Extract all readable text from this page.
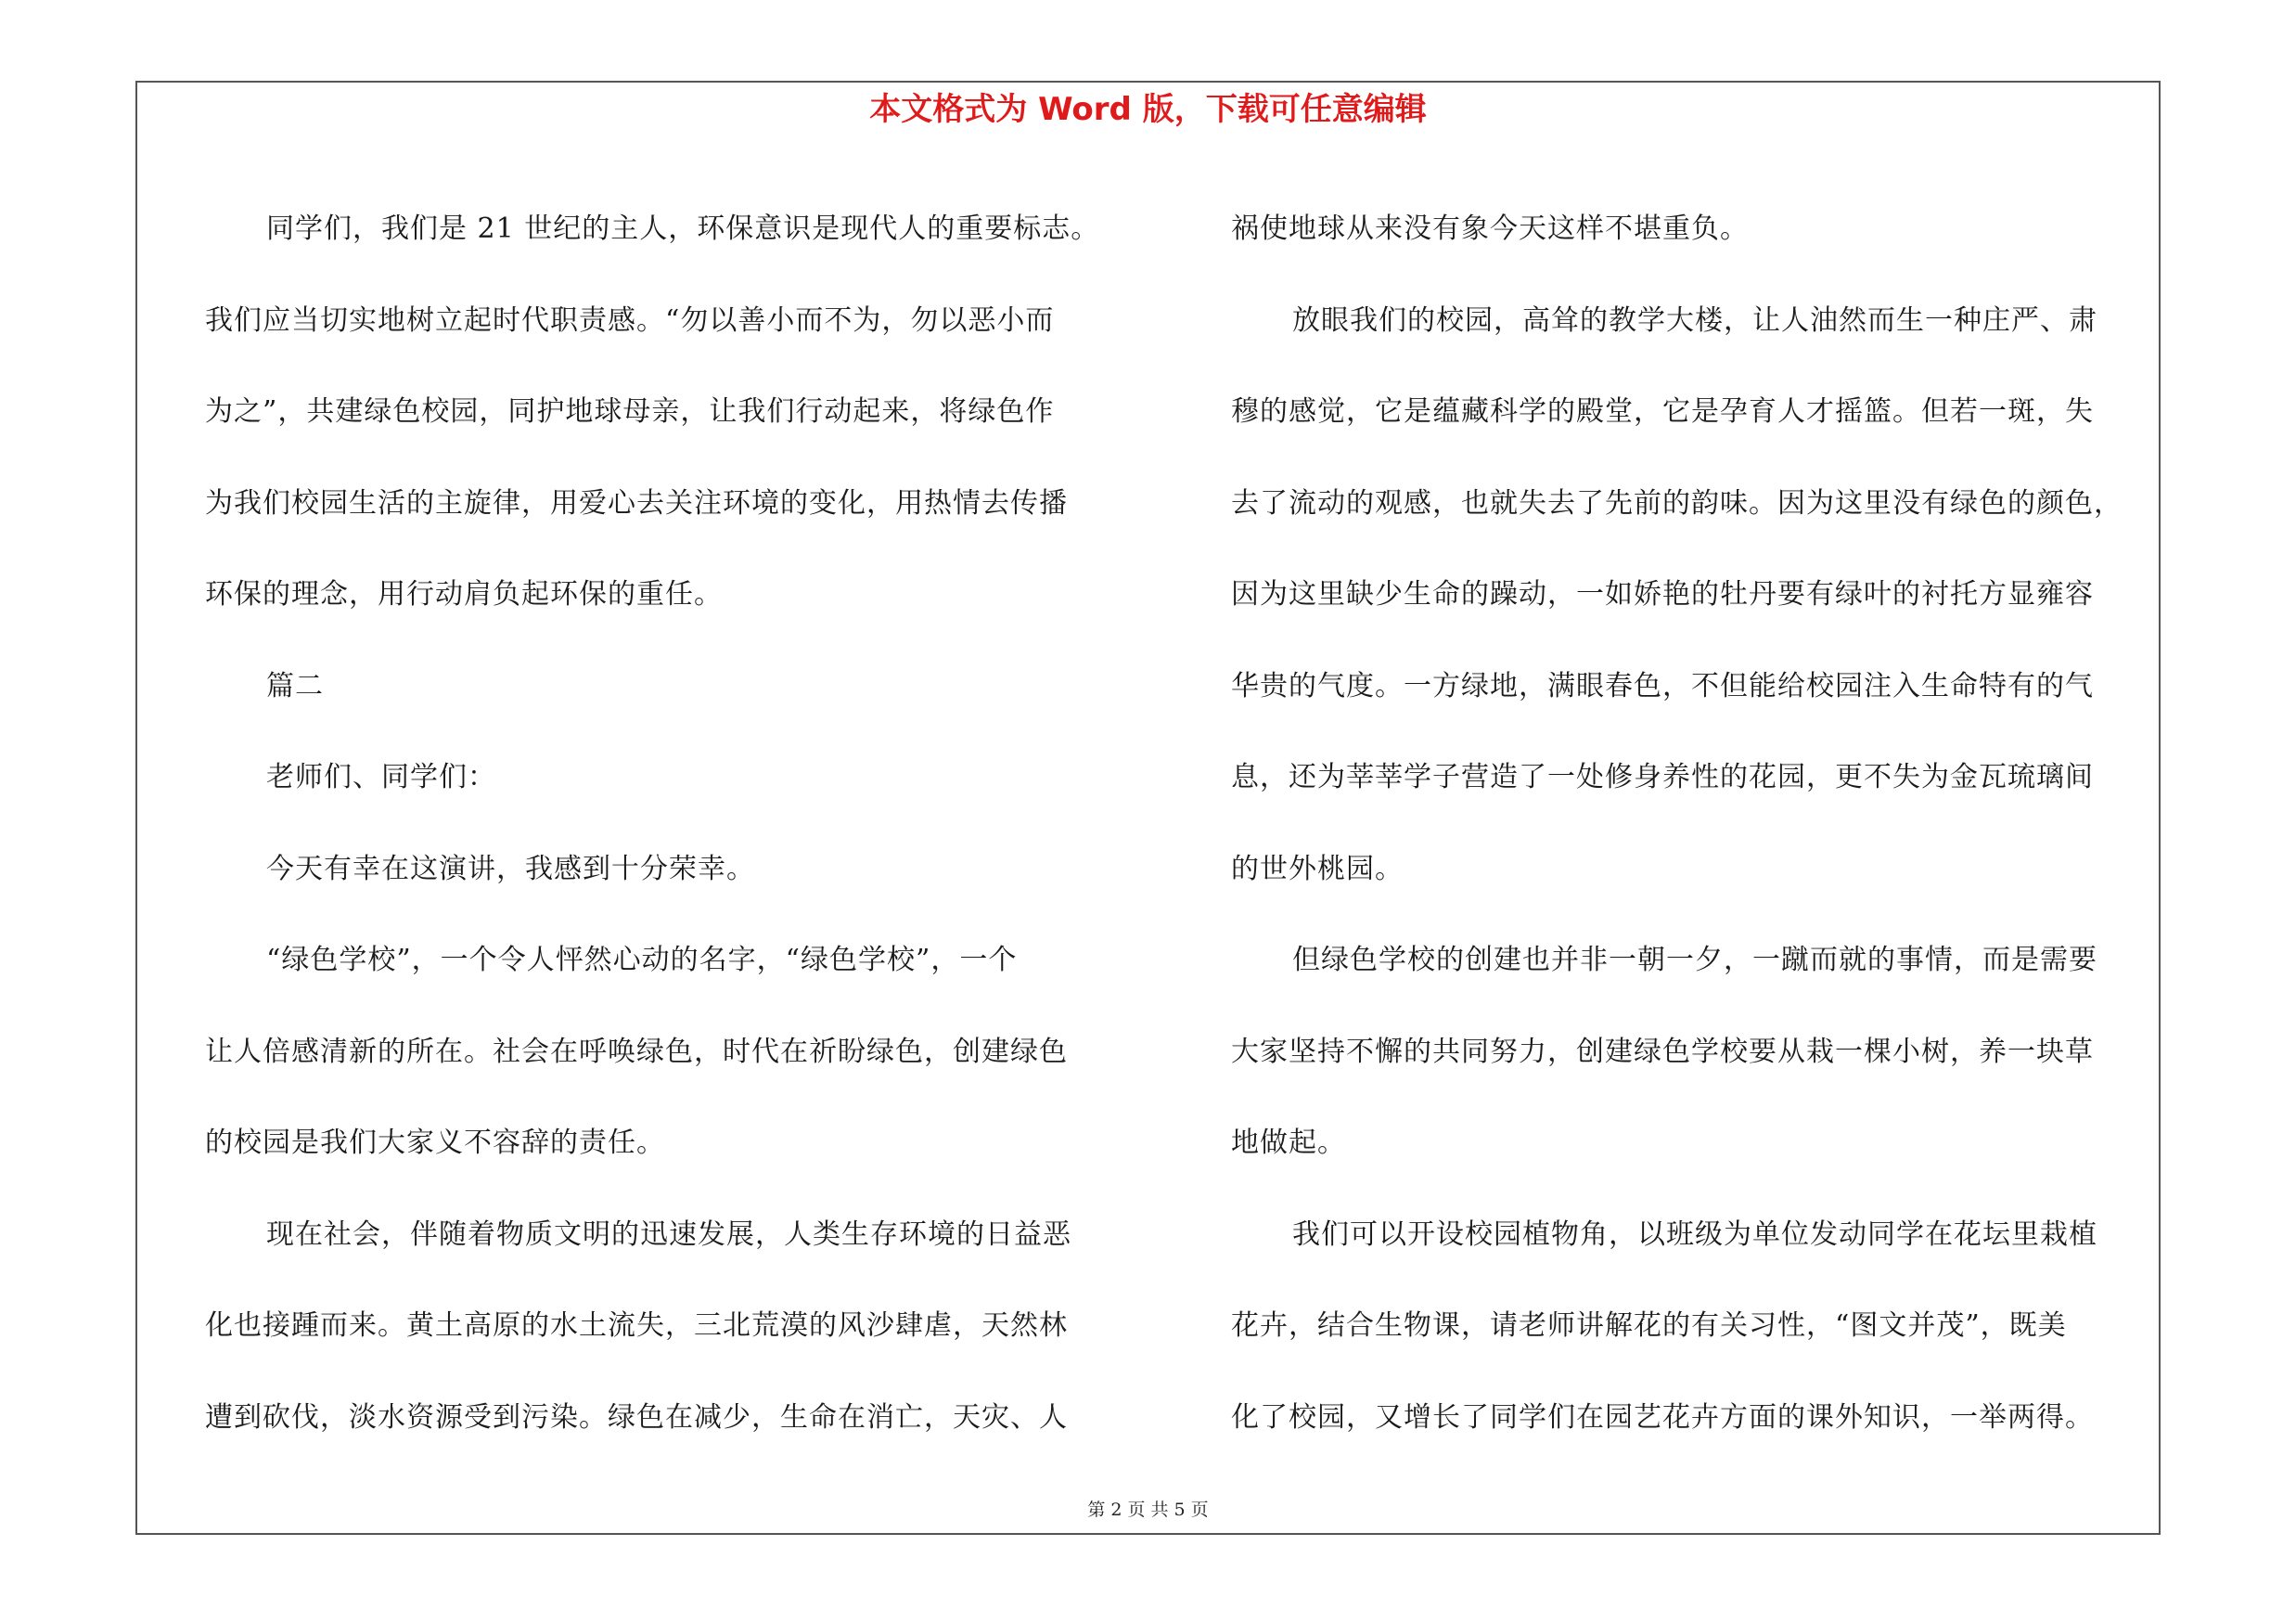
本文格式为 Word 版，下载可任意编辑

同学们，我们是 21 世纪的主人，环保意识是现代人的重要标志。

我们应当切实地树立起时代职责感。“勿以善小而不为，勿以恶小而

为之”，共建绿色校园，同护地球母亲，让我们行动起来，将绿色作

为我们校园生活的主旋律，用爱心去关注环境的变化，用热情去传播

环保的理念，用行动肩负起环保的重任。

篇二

老师们、同学们：

今天有幸在这演讲，我感到十分荣幸。

“绿色学校”，一个令人怦然心动的名字，“绿色学校”，一个

让人倍感清新的所在。社会在呼唤绿色，时代在祈盼绿色，创建绿色

的校园是我们大家义不容辞的责任。

现在社会，伴随着物质文明的迅速发展，人类生存环境的日益恶

化也接踵而来。黄土高原的水土流失，三北荒漠的风沙肆虐，天然林

遭到砍伐，淡水资源受到污染。绿色在减少，生命在消亡，天灾、人

祸使地球从来没有象今天这样不堪重负。

放眼我们的校园，高耸的教学大楼，让人油然而生一种庄严、肃

穆的感觉，它是蕴藏科学的殿堂，它是孕育人才摇篮。但若一斑，失

去了流动的观感，也就失去了先前的韵味。因为这里没有绿色的颜色，

因为这里缺少生命的躁动，一如娇艳的牡丹要有绿叶的衬托方显雍容

华贵的气度。一方绿地，满眼春色，不但能给校园注入生命特有的气

息，还为莘莘学子营造了一处修身养性的花园，更不失为金瓦琉璃间

的世外桃园。

但绿色学校的创建也并非一朝一夕，一蹴而就的事情，而是需要

大家坚持不懈的共同努力，创建绿色学校要从栽一棵小树，养一块草

地做起。

我们可以开设校园植物角，以班级为单位发动同学在花坛里栽植

花卉，结合生物课，请老师讲解花的有关习性，“图文并茂”，既美

化了校园，又增长了同学们在园艺花卉方面的课外知识，一举两得。

第 2 页 共 5 页
